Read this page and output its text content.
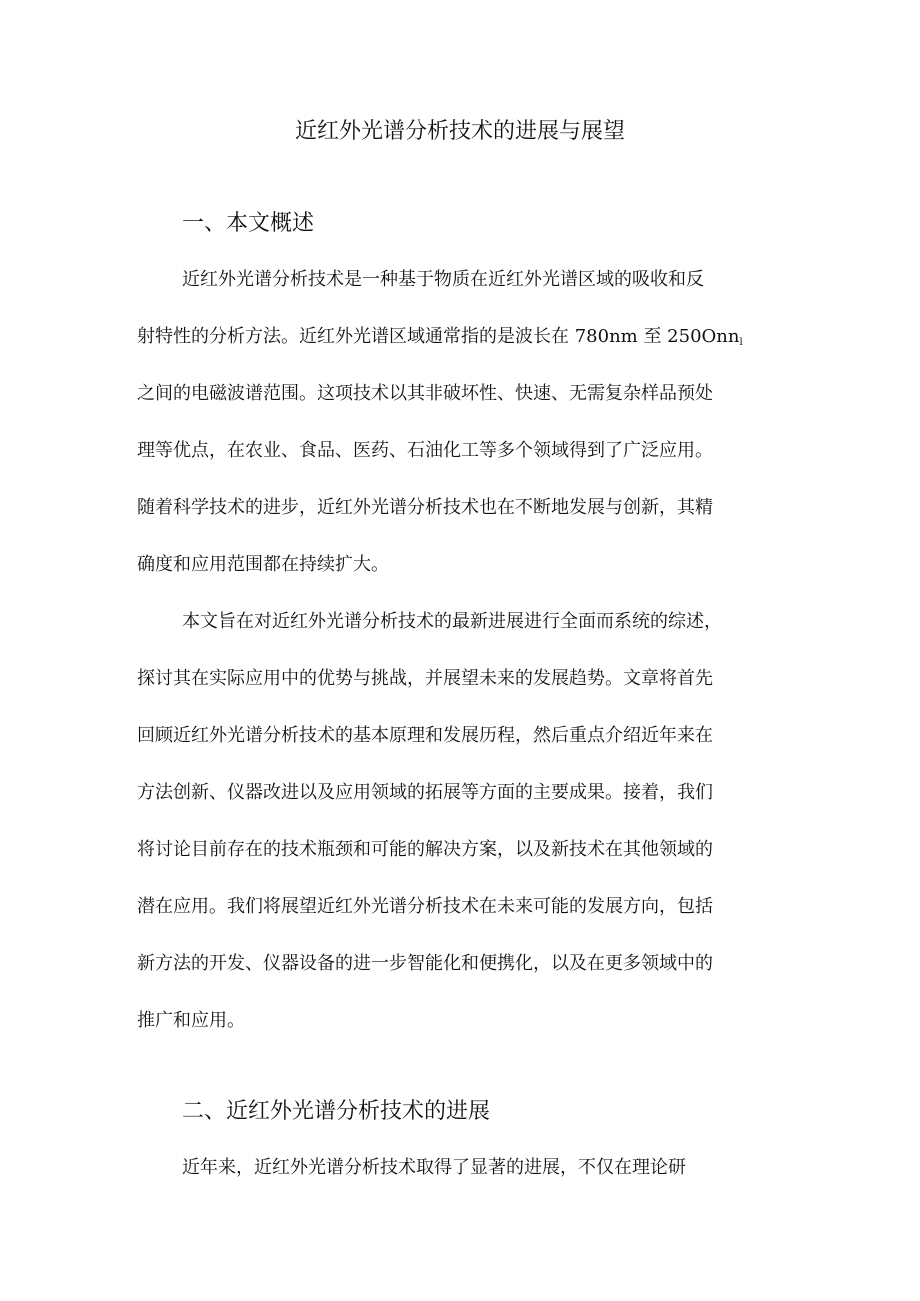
近红外光谱分析技术的进展与展望
一、本文概述
近红外光谱分析技术是一种基于物质在近红外光谱区域的吸收和反
射特性的分析方法。近红外光谱区域通常指的是波长在 780nm 至 250Onn$_l$
之间的电磁波谱范围。这项技术以其非破坏性、快速、无需复杂样品预处
理等优点，在农业、食品、医药、石油化工等多个领域得到了广泛应用。
随着科学技术的进步，近红外光谱分析技术也在不断地发展与创新，其精
确度和应用范围都在持续扩大。
本文旨在对近红外光谱分析技术的最新进展进行全面而系统的综述，
探讨其在实际应用中的优势与挑战，并展望未来的发展趋势。文章将首先
回顾近红外光谱分析技术的基本原理和发展历程，然后重点介绍近年来在
方法创新、仪器改进以及应用领域的拓展等方面的主要成果。接着，我们
将讨论目前存在的技术瓶颈和可能的解决方案，以及新技术在其他领域的
潜在应用。我们将展望近红外光谱分析技术在未来可能的发展方向，包括
新方法的开发、仪器设备的进一步智能化和便携化，以及在更多领域中的
推广和应用。
二、近红外光谱分析技术的进展
近年来，近红外光谱分析技术取得了显著的进展，不仅在理论研
